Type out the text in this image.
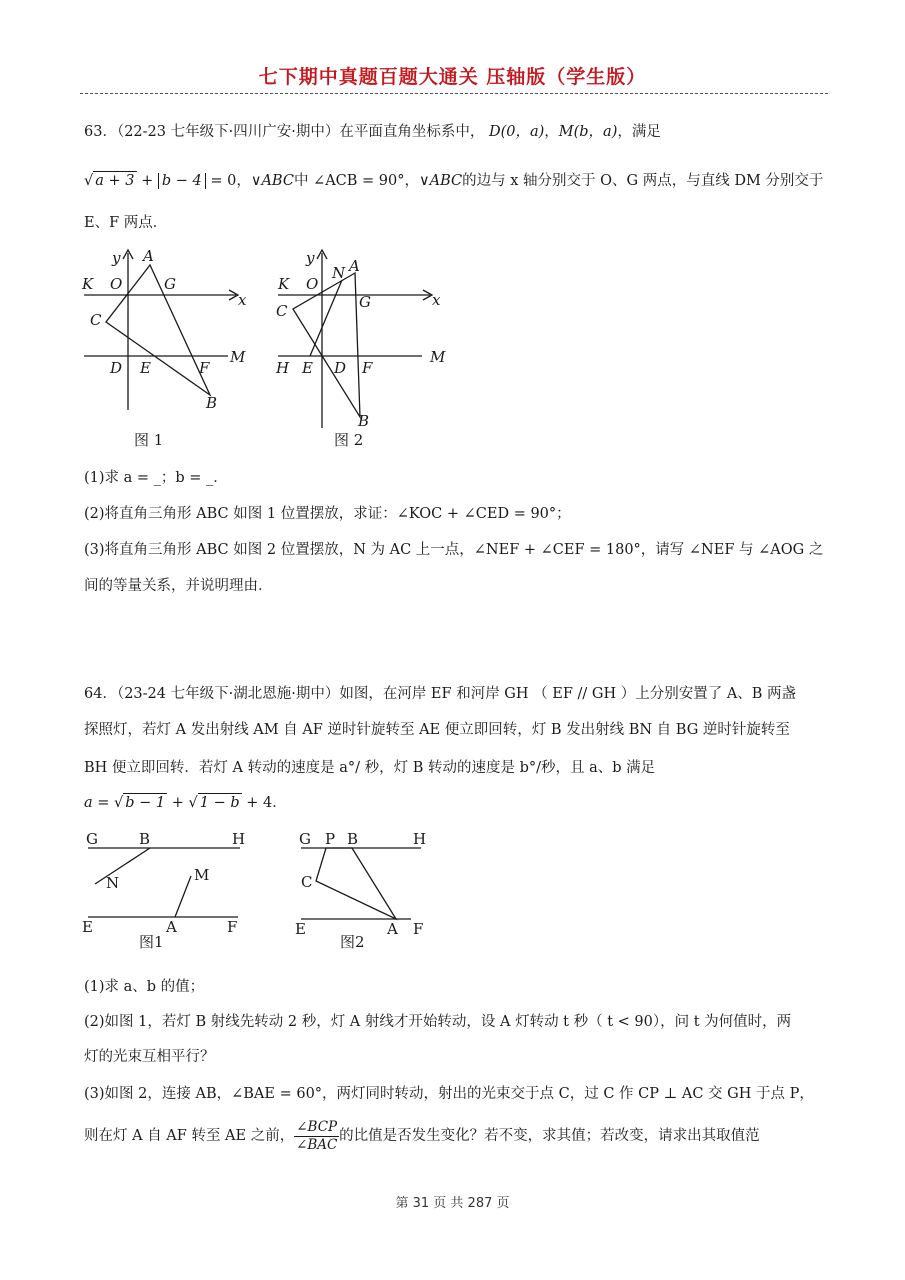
七下期中真题百题大通关 压轴版（学生版）
63．（22-23 七年级下·四川广安·期中）在平面直角坐标系中， D(0，a)，M(b，a)，满足
√ a + 3 + b − 4 = 0，∨ABC中 ∠ACB = 90°，∨ABC的边与 x 轴分别交于 O、G 两点，与直线 DM 分别交于
E、F 两点．
y A
K O	G
x
C
D E	F
M
B
图 1
y
N A
K O
x
C	G
H E D F
M
B
图 2
(1)求 a = _；b = _．
(2)将直角三角形 ABC 如图 1 位置摆放，求证：∠KOC + ∠CED = 90°；
(3)将直角三角形 ABC 如图 2 位置摆放，N 为 AC 上一点，∠NEF + ∠CEF = 180°，请写 ∠NEF 与 ∠AOG 之
间的等量关系，并说明理由．
64．（23-24 七年级下·湖北恩施·期中）如图，在河岸 EF 和河岸 GH （ EF // GH ）上分别安置了 A、B 两盏
探照灯，若灯 A 发出射线 AM 自 AF 逆时针旋转至 AE 便立即回转，灯 B 发出射线 BN 自 BG 逆时针旋转至
BH 便立即回转．若灯 A 转动的速度是 a°/ 秒，灯 B 转动的速度是 b°/秒，且 a、b 满足
a = √ b − 1 + √ 1 − b + 4．
G	B	H
N	M
E	A	F
图1
G P B	H
C
E	A F
图2
(1)求 a、b 的值；
(2)如图 1，若灯 B 射线先转动 2 秒，灯 A 射线才开始转动，设 A 灯转动 t 秒（ t < 90），问 t 为何值时，两
灯的光束互相平行？
(3)如图 2，连接 AB，∠BAE = 60°，两灯同时转动，射出的光束交于点 C，过 C 作 CP ⊥ AC 交 GH 于点 P，
则在灯 A 自 AF 转至 AE 之前， $\frac{\text{∠BCP}}{\text{∠BAC}}$ 的比值是否发生变化？若不变，求其值；若改变，请求出其取值范
第 31 页 共 287 页
